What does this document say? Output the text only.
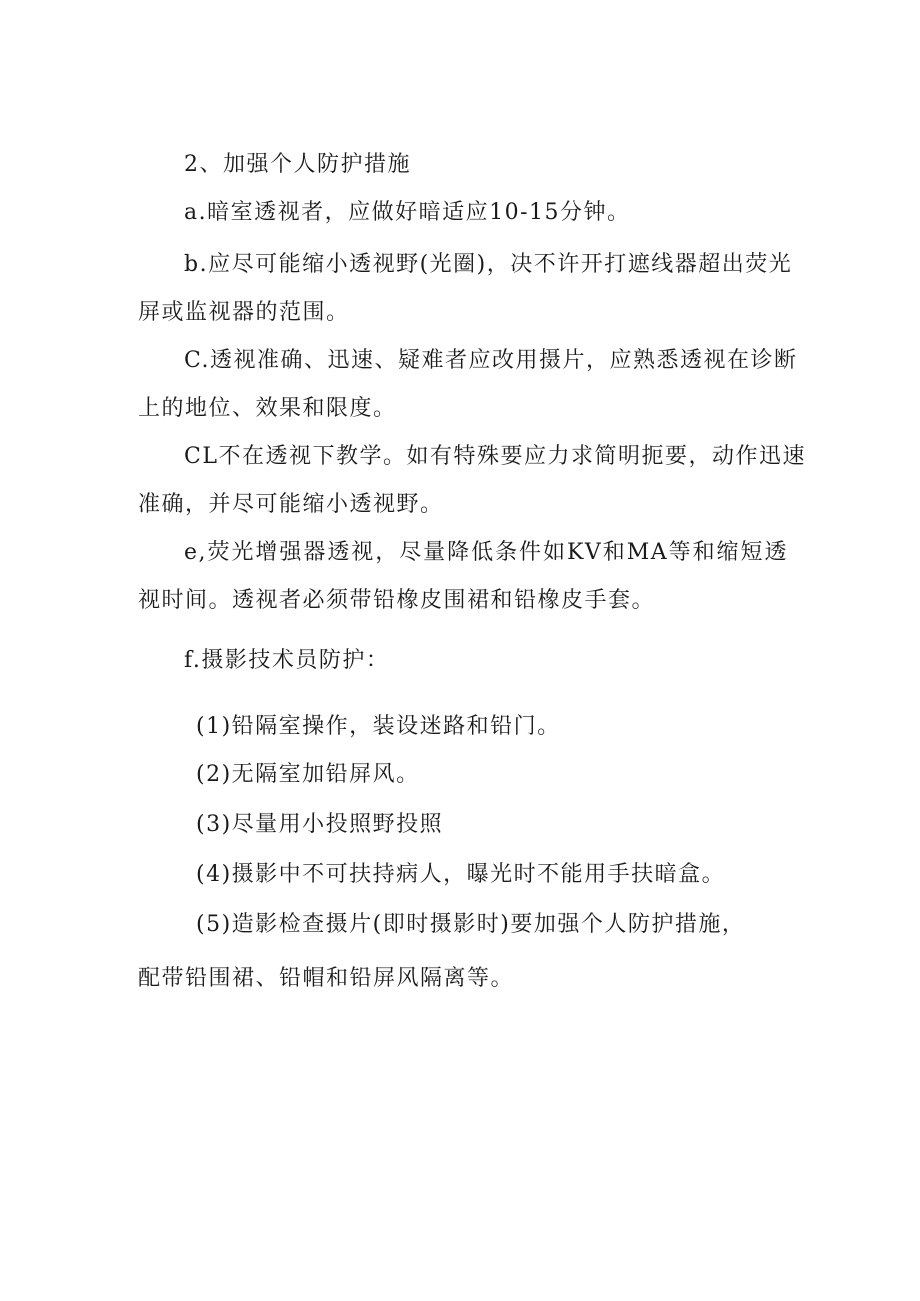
2、加强个人防护措施
a.暗室透视者，应做好暗适应10-15分钟。
b.应尽可能缩小透视野(光圈)，决不许开打遮线器超出荧光
屏或监视器的范围。
C.透视准确、迅速、疑难者应改用摄片，应熟悉透视在诊断
上的地位、效果和限度。
CL不在透视下教学。如有特殊要应力求简明扼要，动作迅速
准确，并尽可能缩小透视野。
e,荧光增强器透视，尽量降低条件如KV和MA等和缩短透
视时间。透视者必须带铅橡皮围裙和铅橡皮手套。
f.摄影技术员防护：
(1)铅隔室操作，装设迷路和铅门。
(2)无隔室加铅屏风。
(3)尽量用小投照野投照
(4)摄影中不可扶持病人，曝光时不能用手扶暗盒。
(5)造影检查摄片(即时摄影时)要加强个人防护措施，
配带铅围裙、铅帽和铅屏风隔离等。
